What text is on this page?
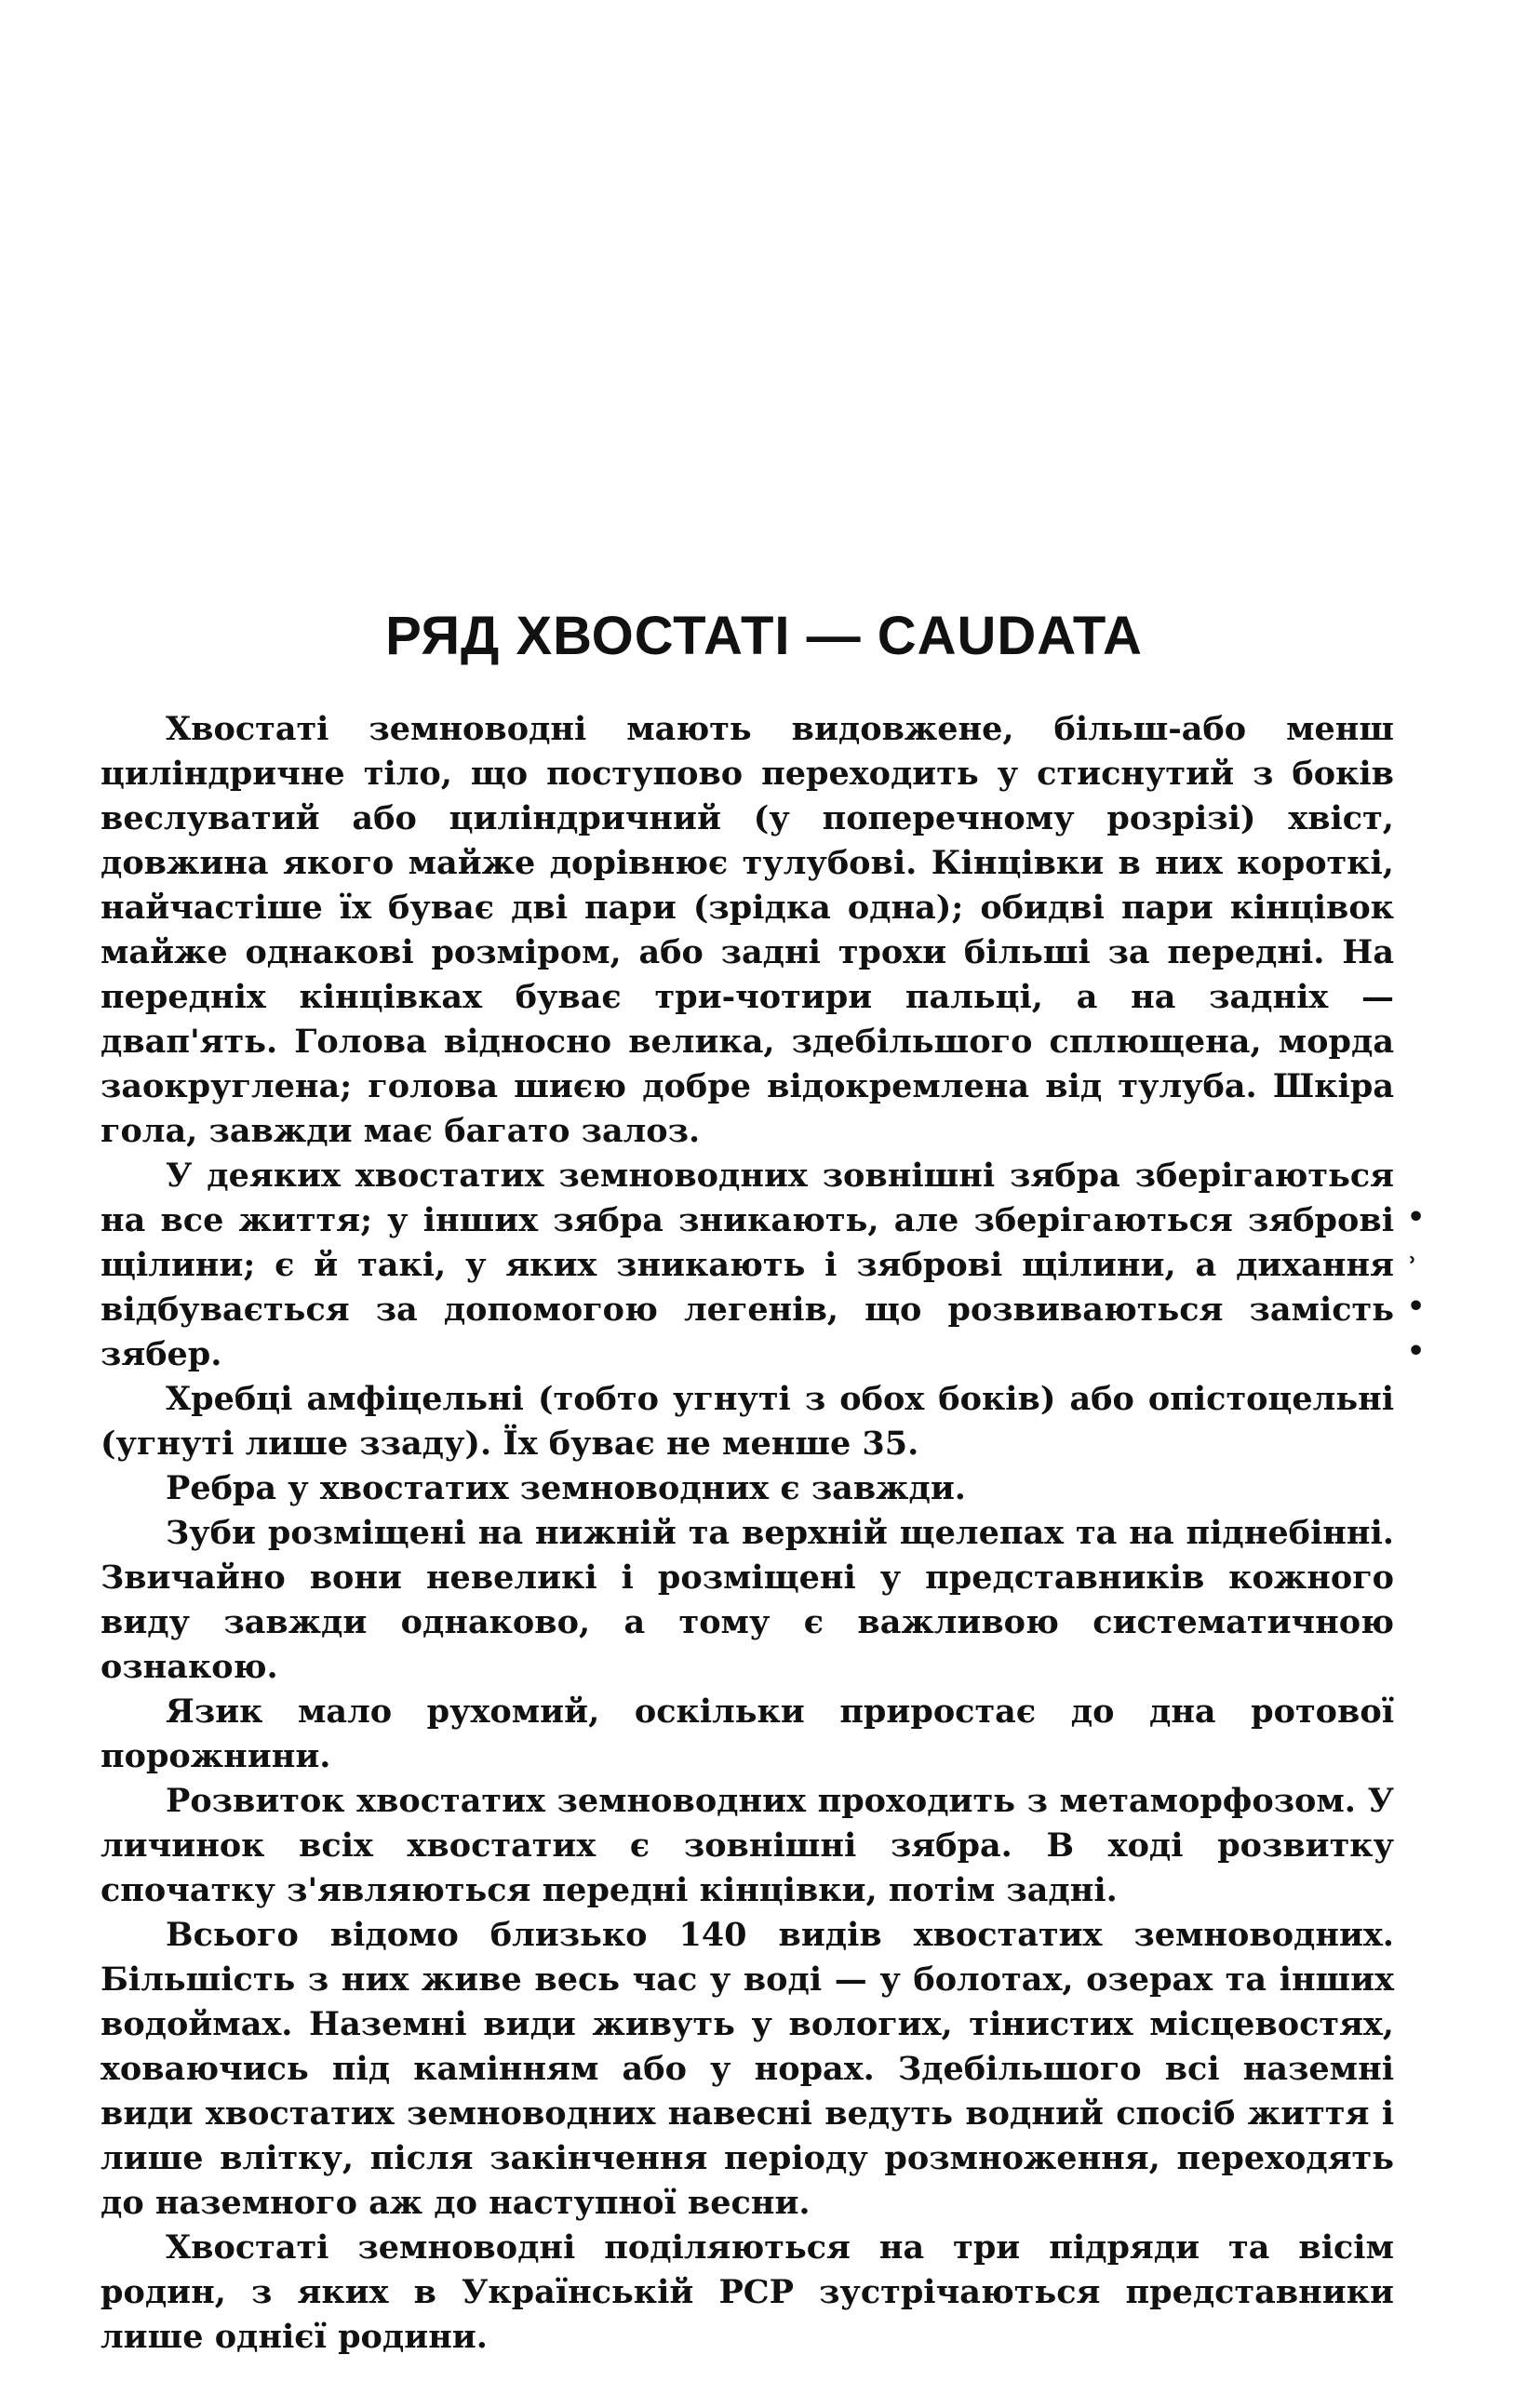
РЯД ХВОСТАТІ — CAUDATA

Хвостаті земноводні мають видовжене, більш-або менш циліндричне тіло, що поступово переходить у стиснутий з боків веслуватий або циліндричний (у поперечному розрізі) хвіст, довжина якого майже дорівнює тулубові. Кінцівки в них короткі, найчастіше їх буває дві пари (зрідка одна); обидві пари кінцівок майже однакові розміром, або задні трохи більші за передні. На передніх кінцівках буває три-чотири пальці, а на задніх — двап'ять. Голова відносно велика, здебільшого сплющена, морда заокруглена; голова шиєю добре відокремлена від тулуба. Шкіра гола, завжди має багато залоз.

У деяких хвостатих земноводних зовнішні зябра зберігаються на все життя; у інших зябра зникають, але зберігаються зяброві щілини; є й такі, у яких зникають і зяброві щілини, а дихання відбувається за допомогою легенів, що розвиваються замість зябер.

Хребці амфіцельні (тобто угнуті з обох боків) або опістоцельні (угнуті лише ззаду). Їх буває не менше 35.

Ребра у хвостатих земноводних є завжди.

Зуби розміщені на нижній та верхній щелепах та на піднебінні. Звичайно вони невеликі і розміщені у представників кожного виду завжди однаково, а тому є важливою систематичною ознакою.

Язик мало рухомий, оскільки приростає до дна ротової порожнини.

Розвиток хвостатих земноводних проходить з метаморфозом. У личинок всіх хвостатих є зовнішні зябра. В ході розвитку спочатку з'являються передні кінцівки, потім задні.

Всього відомо близько 140 видів хвостатих земноводних. Більшість з них живе весь час у воді — у болотах, озерах та інших водоймах. Наземні види живуть у вологих, тінистих місцевостях, ховаючись під камінням або у норах. Здебільшого всі наземні види хвостатих земноводних навесні ведуть водний спосіб життя і лише влітку, після закінчення періоду розмноження, переходять до наземного аж до наступної весни.

Хвостаті земноводні поділяються на три підряди та вісім родин, з яких в Українській РСР зустрічаються представники лише однієї родини.

•
˒
•
•
